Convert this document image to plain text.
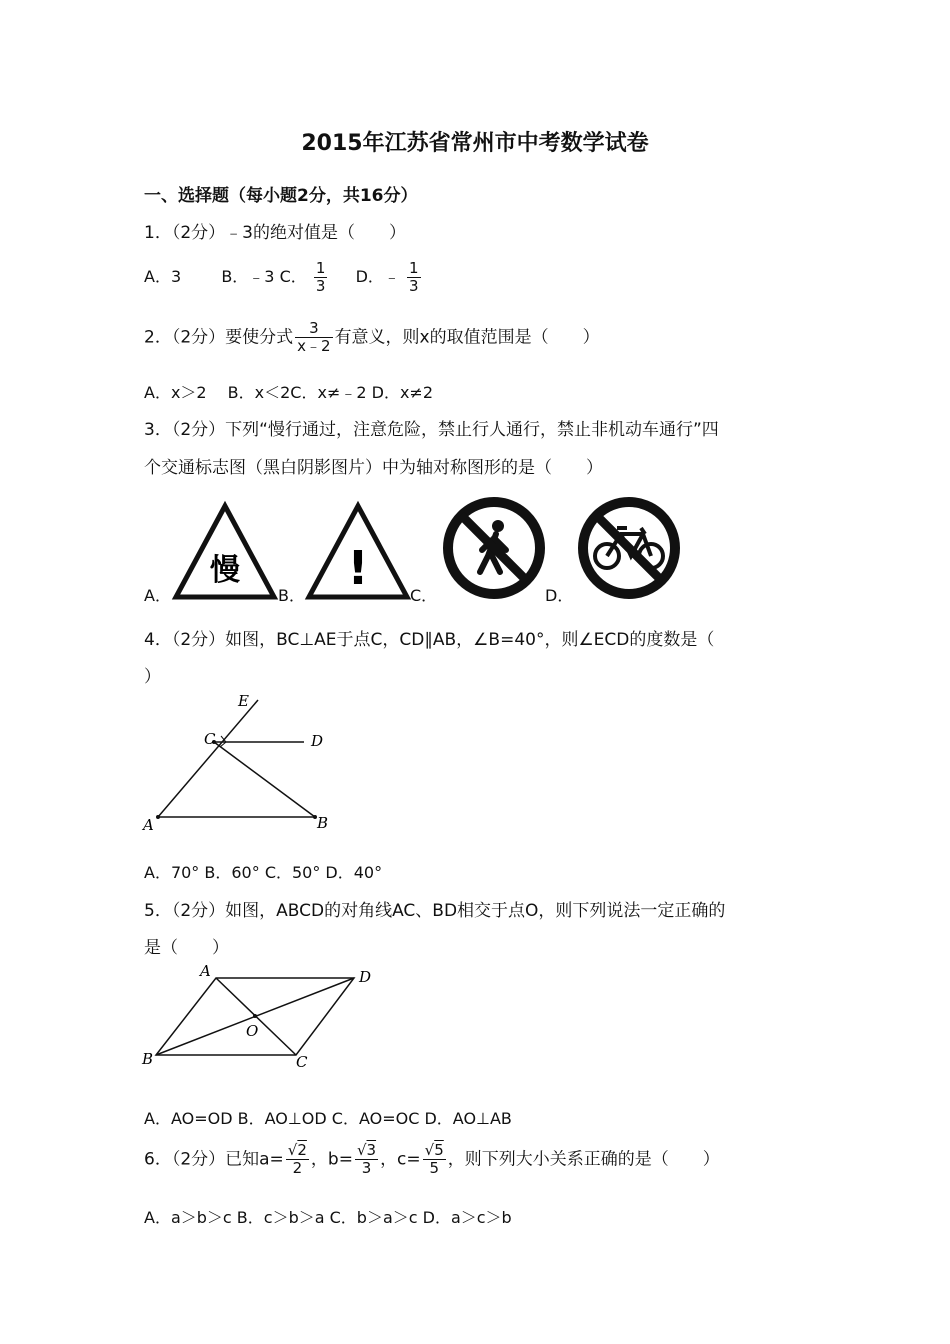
2015年江苏省常州市中考数学试卷
一、选择题（每小题2分，共16分）
1．（2分）﹣3的绝对值是（　　）
A．3	B．﹣3 C． $\frac{1}{3}$ D．﹣ $\frac{1}{3}$
2．（2分）要使分式 $\frac{3}{x﹣2}$ 有意义，则x的取值范围是（　　）
A．x＞2　 B．x＜2C．x≠﹣2 D．x≠2
3．（2分）下列“慢行通过，注意危险，禁止行人通行，禁止非机动车通行”四
个交通标志图（黑白阴影图片）中为轴对称图形的是（　　）
A．
慢
B．
!
C．	D．
4．（2分）如图，BC⊥AE于点C，CD∥AB，∠B=40°，则∠ECD的度数是（
）
E
C	D
A	B
A．70° B．60° C．50° D．40°
5．（2分）如图，ABCD的对角线AC、BD相交于点O，则下列说法一定正确的
是（　　）
A	D
O
B	C
A．AO=OD B．AO⊥OD C．AO=OC D．AO⊥AB
6．（2分）已知$a= \frac{√2}{2}$ ，$b= \frac{√3}{3}$ ，$c= \frac{√5}{5}$ ，则下列大小关系正确的是（　　）
A．a＞b＞c B．c＞b＞a C．b＞a＞c D．a＞c＞b
